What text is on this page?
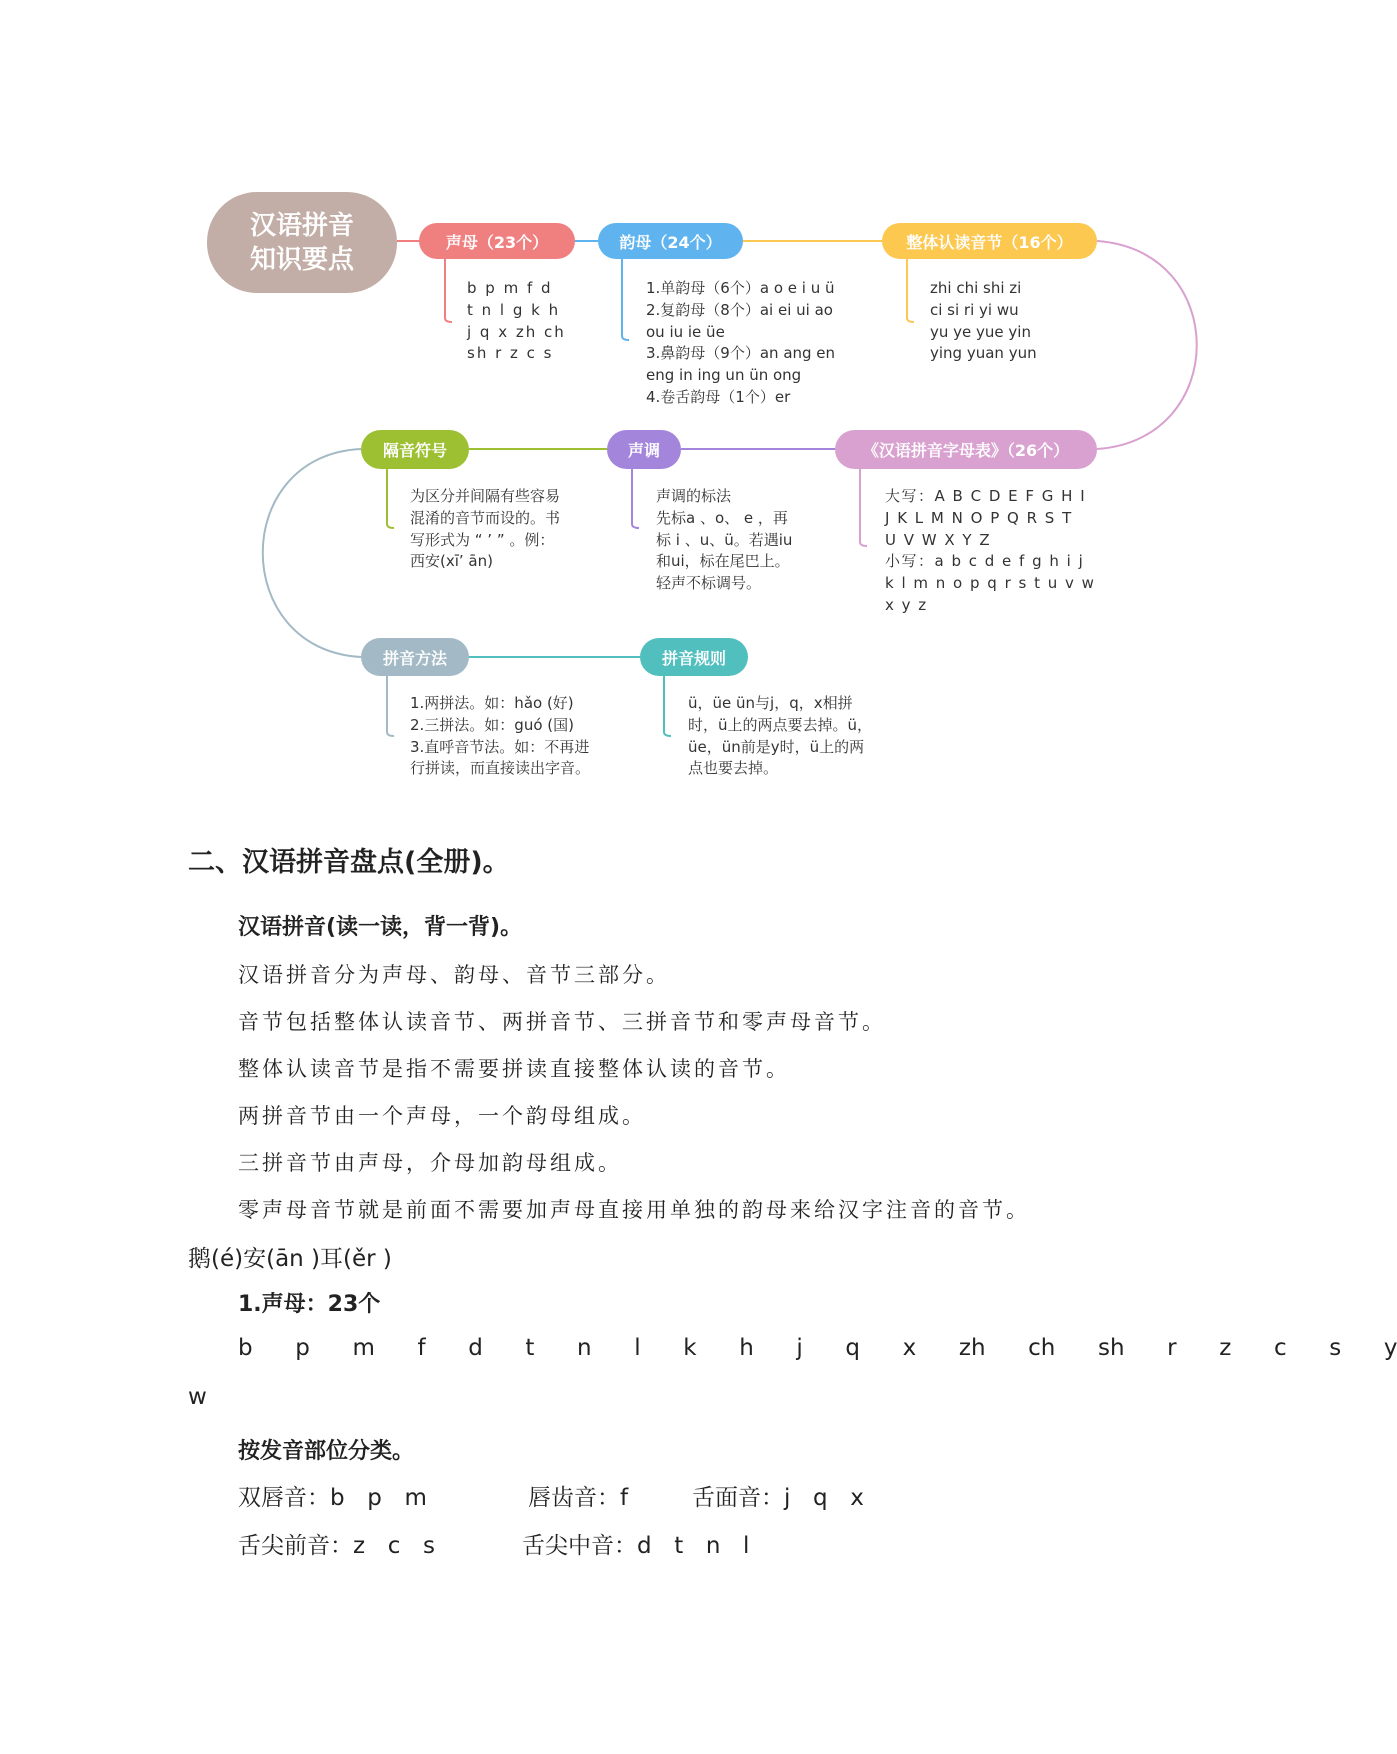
汉语拼音
知识要点
声母（23个）	韵母（24个）	整体认读音节（16个）
《汉语拼音字母表》（26个）
声调
隔音符号
拼音方法	拼音规则
b p m f d
t n l g k h
j q x zh ch
sh r z c s
1.单韵母（6个）a o e i u ü
2.复韵母（8个）ai ei ui ao
ou iu ie üe
3.鼻韵母（9个）an ang en
eng in ing un ün ong
4.卷舌韵母（1个）er
zhi chi shi zi
ci si ri yi wu
yu ye yue yin
ying yuan yun
大写：A B C D E F G H I
J K L M N O P Q R S T
U V W X Y Z
小写：a b c d e f g h i j
k l m n o p q r s t u v w
x y z
声调的标法
先标a 、o、 e ，再
标 i 、u、ü。若遇iu
和ui，标在尾巴上。
轻声不标调号。
为区分并间隔有些容易
混淆的音节而设的。书
写形式为 “ ’ ” 。例：
西安(xī’ ān)
1.两拼法。如：hǎo (好)
2.三拼法。如：guó (国)
3.直呼音节法。如：不再进
行拼读，而直接读出字音。
ü，üe ün与j，q，x相拼
时，ü上的两点要去掉。ü，
üe，ün前是y时，ü上的两
点也要去掉。
二、汉语拼音盘点(全册)。
汉语拼音(读一读，背一背)。
汉语拼音分为声母、韵母、音节三部分。
音节包括整体认读音节、两拼音节、三拼音节和零声母音节。
整体认读音节是指不需要拼读直接整体认读的音节。
两拼音节由一个声母，一个韵母组成。
三拼音节由声母，介母加韵母组成。
零声母音节就是前面不需要加声母直接用单独的韵母来给汉字注音的音节。
鹅(é)安(ān )耳(ěr )
1.声母：23个
b  p  m  f  d  t  n  l  k  h  j  q  x  zh  ch  sh  r  z  c  s  y
w
按发音部位分类。
双唇音：b  p  m	唇齿音：f	舌面音：j  q  x
舌尖前音：z  c  s	舌尖中音：d  t  n  l
